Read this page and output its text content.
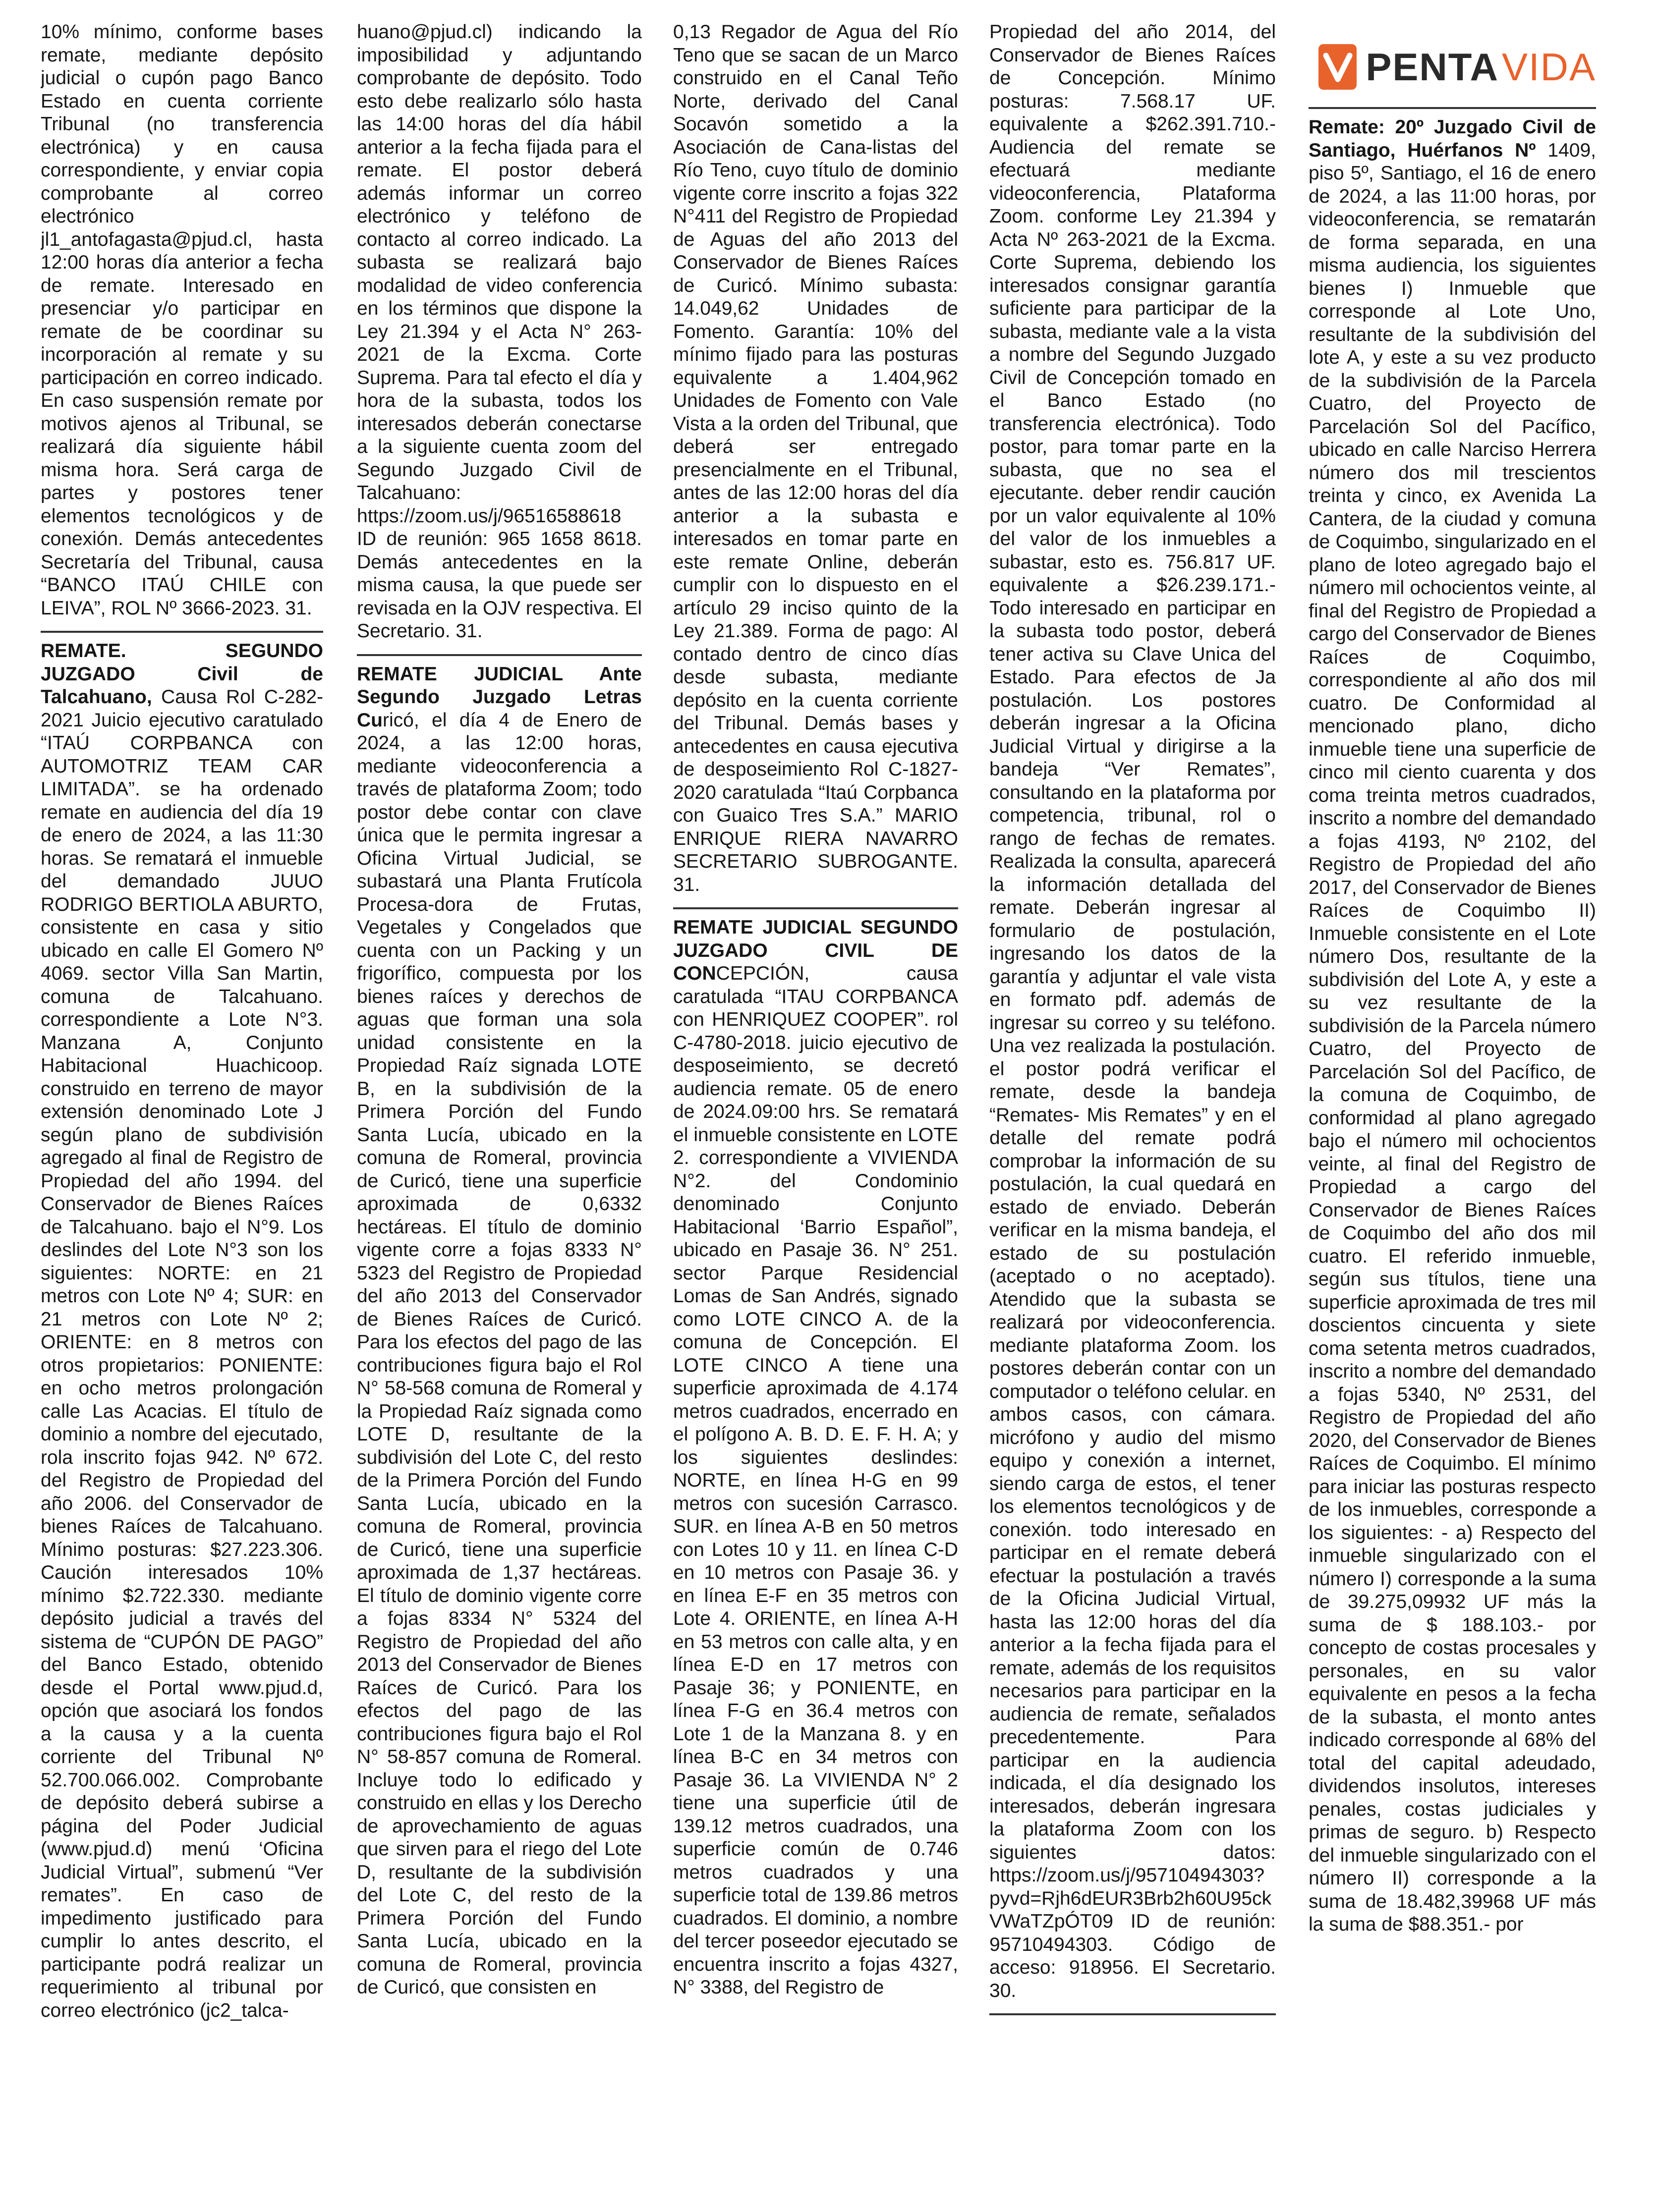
10% mínimo, conforme bases remate, mediante depósito judicial o cupón pago Banco Estado en cuenta corriente Tribunal (no transferencia electrónica) y en causa correspondiente, y enviar copia comprobante al correo electrónico jl1_antofagasta@pjud.cl, hasta 12:00 horas día anterior a fecha de remate. Interesado en presenciar y/o participar en remate de be coordinar su incorporación al remate y su participación en correo indicado. En caso suspensión remate por motivos ajenos al Tribunal, se realizará día siguiente hábil misma hora. Será carga de partes y postores tener elementos tecnológicos y de conexión. Demás antecedentes Secretaría del Tribunal, causa “BANCO ITAÚ CHILE con LEIVA”, ROL Nº 3666-2023. 31.

REMATE. SEGUNDO JUZGADO Civil de Talcahuano, Causa Rol C-282-2021 Juicio ejecutivo caratulado “ITAÚ CORPBANCA con AUTOMOTRIZ TEAM CAR LIMITADA”. se ha ordenado remate en audiencia del día 19 de enero de 2024, a las 11:30 horas. Se rematará el inmueble del demandado JUUO RODRIGO BERTIOLA ABURTO, consistente en casa y sitio ubicado en calle El Gomero Nº 4069. sector Villa San Martin, comuna de Talcahuano. correspondiente a Lote N°3. Manzana A, Conjunto Habitacional Huachicoop. construido en terreno de mayor extensión denominado Lote J según plano de subdivisión agregado al final de Registro de Propiedad del año 1994. del Conservador de Bienes Raíces de Talcahuano. bajo el N°9. Los deslindes del Lote N°3 son los siguientes: NORTE: en 21 metros con Lote Nº 4; SUR: en 21 metros con Lote Nº 2; ORIENTE: en 8 metros con otros propietarios: PONIENTE: en ocho metros prolongación calle Las Acacias. El título de dominio a nombre del ejecutado, rola inscrito fojas 942. Nº 672. del Registro de Propiedad del año 2006. del Conservador de bienes Raíces de Talcahuano. Mínimo posturas: $27.223.306. Caución interesados 10% mínimo $2.722.330. mediante depósito judicial a través del sistema de “CUPÓN DE PAGO” del Banco Estado, obtenido desde el Portal www.pjud.d, opción que asociará los fondos a la causa y a la cuenta corriente del Tribunal Nº 52.700.066.002. Comprobante de depósito deberá subirse a página del Poder Judicial (www.pjud.d) menú ‘Oficina Judicial Virtual”, submenú “Ver remates”. En caso de impedimento justificado para cumplir lo antes descrito, el participante podrá realizar un requerimiento al tribunal por correo electrónico (jc2_talca-

huano@pjud.cl) indicando la imposibilidad y adjuntando comprobante de depósito. Todo esto debe realizarlo sólo hasta las 14:00 horas del día hábil anterior a la fecha fijada para el remate. El postor deberá además informar un correo electrónico y teléfono de contacto al correo indicado. La subasta se realizará bajo modalidad de video conferencia en los términos que dispone la Ley 21.394 y el Acta N° 263-2021 de la Excma. Corte Suprema. Para tal efecto el día y hora de la subasta, todos los interesados deberán conectarse a la siguiente cuenta zoom del Segundo Juzgado Civil de Talcahuano: https://zoom.us/j/96516588618 ID de reunión: 965 1658 8618. Demás antecedentes en la misma causa, la que puede ser revisada en la OJV respectiva. El Secretario. 31.

REMATE JUDICIAL Ante Segundo Juzgado Letras Curicó, el día 4 de Enero de 2024, a las 12:00 horas, mediante videoconferencia a través de plataforma Zoom; todo postor debe contar con clave única que le permita ingresar a Oficina Virtual Judicial, se subastará una Planta Frutícola Procesa-dora de Frutas, Vegetales y Congelados que cuenta con un Packing y un frigorífico, compuesta por los bienes raíces y derechos de aguas que forman una sola unidad consistente en la Propiedad Raíz signada LOTE B, en la subdivisión de la Primera Porción del Fundo Santa Lucía, ubicado en la comuna de Romeral, provincia de Curicó, tiene una superficie aproximada de 0,6332 hectáreas. El título de dominio vigente corre a fojas 8333 N° 5323 del Registro de Propiedad del año 2013 del Conservador de Bienes Raíces de Curicó. Para los efectos del pago de las contribuciones figura bajo el Rol N° 58-568 comuna de Romeral y la Propiedad Raíz signada como LOTE D, resultante de la subdivisión del Lote C, del resto de la Primera Porción del Fundo Santa Lucía, ubicado en la comuna de Romeral, provincia de Curicó, tiene una superficie aproximada de 1,37 hectáreas. El título de dominio vigente corre a fojas 8334 N° 5324 del Registro de Propiedad del año 2013 del Conservador de Bienes Raíces de Curicó. Para los efectos del pago de las contribuciones figura bajo el Rol N° 58-857 comuna de Romeral. Incluye todo lo edificado y construido en ellas y los Derecho de aprovechamiento de aguas que sirven para el riego del Lote D, resultante de la subdivisión del Lote C, del resto de la Primera Porción del Fundo Santa Lucía, ubicado en la comuna de Romeral, provincia de Curicó, que consisten en

0,13 Regador de Agua del Río Teno que se sacan de un Marco construido en el Canal Teño Norte, derivado del Canal Socavón sometido a la Asociación de Cana-listas del Río Teno, cuyo título de dominio vigente corre inscrito a fojas 322 N°411 del Registro de Propiedad de Aguas del año 2013 del Conservador de Bienes Raíces de Curicó. Mínimo subasta: 14.049,62 Unidades de Fomento. Garantía: 10% del mínimo fijado para las posturas equivalente a 1.404,962 Unidades de Fomento con Vale Vista a la orden del Tribunal, que deberá ser entregado presencialmente en el Tribunal, antes de las 12:00 horas del día anterior a la subasta e interesados en tomar parte en este remate Online, deberán cumplir con lo dispuesto en el artículo 29 inciso quinto de la Ley 21.389. Forma de pago: Al contado dentro de cinco días desde subasta, mediante depósito en la cuenta corriente del Tribunal. Demás bases y antecedentes en causa ejecutiva de desposeimiento Rol C-1827-2020 caratulada “Itaú Corpbanca con Guaico Tres S.A.” MARIO ENRIQUE RIERA NAVARRO SECRETARIO SUBROGANTE. 31.

REMATE JUDICIAL SEGUNDO JUZGADO CIVIL DE CONCEPCIÓN, causa caratulada “ITAU CORPBANCA con HENRIQUEZ COOPER”. rol C-4780-2018. juicio ejecutivo de desposeimiento, se decretó audiencia remate. 05 de enero de 2024.09:00 hrs. Se rematará el inmueble consistente en LOTE 2. correspondiente a VIVIENDA N°2. del Condominio denominado Conjunto Habitacional ‘Barrio Español”, ubicado en Pasaje 36. N° 251. sector Parque Residencial Lomas de San Andrés, signado como LOTE CINCO A. de la comuna de Concepción. El LOTE CINCO A tiene una superficie aproximada de 4.174 metros cuadrados, encerrado en el polígono A. B. D. E. F. H. A; y los siguientes deslindes: NORTE, en línea H-G en 99 metros con sucesión Carrasco. SUR. en línea A-B en 50 metros con Lotes 10 y 11. en línea C-D en 10 metros con Pasaje 36. y en línea E-F en 35 metros con Lote 4. ORIENTE, en línea A-H en 53 metros con calle alta, y en línea E-D en 17 metros con Pasaje 36; y PONIENTE, en línea F-G en 36.4 metros con Lote 1 de la Manzana 8. y en línea B-C en 34 metros con Pasaje 36. La VIVIENDA N° 2 tiene una superficie útil de 139.12 metros cuadrados, una superficie común de 0.746 metros cuadrados y una superficie total de 139.86 metros cuadrados. El dominio, a nombre del tercer poseedor ejecutado se encuentra inscrito a fojas 4327, N° 3388, del Registro de

Propiedad del año 2014, del Conservador de Bienes Raíces de Concepción. Mínimo posturas: 7.568.17 UF. equivalente a $262.391.710.- Audiencia del remate se efectuará mediante videoconferencia, Plataforma Zoom. conforme Ley 21.394 y Acta Nº 263-2021 de la Excma. Corte Suprema, debiendo los interesados consignar garantía suficiente para participar de la subasta, mediante vale a la vista a nombre del Segundo Juzgado Civil de Concepción tomado en el Banco Estado (no transferencia electrónica). Todo postor, para tomar parte en la subasta, que no sea el ejecutante. deber rendir caución por un valor equivalente al 10% del valor de los inmuebles a subastar, esto es. 756.817 UF. equivalente a $26.239.171.- Todo interesado en participar en la subasta todo postor, deberá tener activa su Clave Unica del Estado. Para efectos de Ja postulación. Los postores deberán ingresar a la Oficina Judicial Virtual y dirigirse a la bandeja “Ver Remates”, consultando en la plataforma por competencia, tribunal, rol o rango de fechas de remates. Realizada la consulta, aparecerá la información detallada del remate. Deberán ingresar al formulario de postulación, ingresando los datos de la garantía y adjuntar el vale vista en formato pdf. además de ingresar su correo y su teléfono. Una vez realizada la postulación. el postor podrá verificar el remate, desde la bandeja “Remates- Mis Remates” y en el detalle del remate podrá comprobar la información de su postulación, la cual quedará en estado de enviado. Deberán verificar en la misma bandeja, el estado de su postulación (aceptado o no aceptado). Atendido que la subasta se realizará por videoconferencia. mediante plataforma Zoom. los postores deberán contar con un computador o teléfono celular. en ambos casos, con cámara. micrófono y audio del mismo equipo y conexión a internet, siendo carga de estos, el tener los elementos tecnológicos y de conexión. todo interesado en participar en el remate deberá efectuar la postulación a través de la Oficina Judicial Virtual, hasta las 12:00 horas del día anterior a la fecha fijada para el remate, además de los requisitos necesarios para participar en la audiencia de remate, señalados precedentemente. Para participar en la audiencia indicada, el día designado los interesados, deberán ingresara la plataforma Zoom con los siguientes datos: https://zoom.us/j/95710494303?pyvd=Rjh6dEUR3Brb2h60U95ckVWaTZpÓT09 ID de reunión: 95710494303. Código de acceso: 918956. El Secretario. 30.

PENTA VIDA

Remate: 20º Juzgado Civil de Santiago, Huérfanos Nº 1409, piso 5º, Santiago, el 16 de enero de 2024, a las 11:00 horas, por videoconferencia, se rematarán de forma separada, en una misma audiencia, los siguientes bienes I) Inmueble que corresponde al Lote Uno, resultante de la subdivisión del lote A, y este a su vez producto de la subdivisión de la Parcela Cuatro, del Proyecto de Parcelación Sol del Pacífico, ubicado en calle Narciso Herrera número dos mil trescientos treinta y cinco, ex Avenida La Cantera, de la ciudad y comuna de Coquimbo, singularizado en el plano de loteo agregado bajo el número mil ochocientos veinte, al final del Registro de Propiedad a cargo del Conservador de Bienes Raíces de Coquimbo, correspondiente al año dos mil cuatro. De Conformidad al mencionado plano, dicho inmueble tiene una superficie de cinco mil ciento cuarenta y dos coma treinta metros cuadrados, inscrito a nombre del demandado a fojas 4193, Nº 2102, del Registro de Propiedad del año 2017, del Conservador de Bienes Raíces de Coquimbo II) Inmueble consistente en el Lote número Dos, resultante de la subdivisión del Lote A, y este a su vez resultante de la subdivisión de la Parcela número Cuatro, del Proyecto de Parcelación Sol del Pacífico, de la comuna de Coquimbo, de conformidad al plano agregado bajo el número mil ochocientos veinte, al final del Registro de Propiedad a cargo del Conservador de Bienes Raíces de Coquimbo del año dos mil cuatro. El referido inmueble, según sus títulos, tiene una superficie aproximada de tres mil doscientos cincuenta y siete coma setenta metros cuadrados, inscrito a nombre del demandado a fojas 5340, Nº 2531, del Registro de Propiedad del año 2020, del Conservador de Bienes Raíces de Coquimbo. El mínimo para iniciar las posturas respecto de los inmuebles, corresponde a los siguientes: - a) Respecto del inmueble singularizado con el número I) corresponde a la suma de 39.275,09932 UF más la suma de $ 188.103.- por concepto de costas procesales y personales, en su valor equivalente en pesos a la fecha de la subasta, el monto antes indicado corresponde al 68% del total del capital adeudado, dividendos insolutos, intereses penales, costas judiciales y primas de seguro. b) Respecto del inmueble singularizado con el número II) corresponde a la suma de 18.482,39968 UF más la suma de $88.351.- por
